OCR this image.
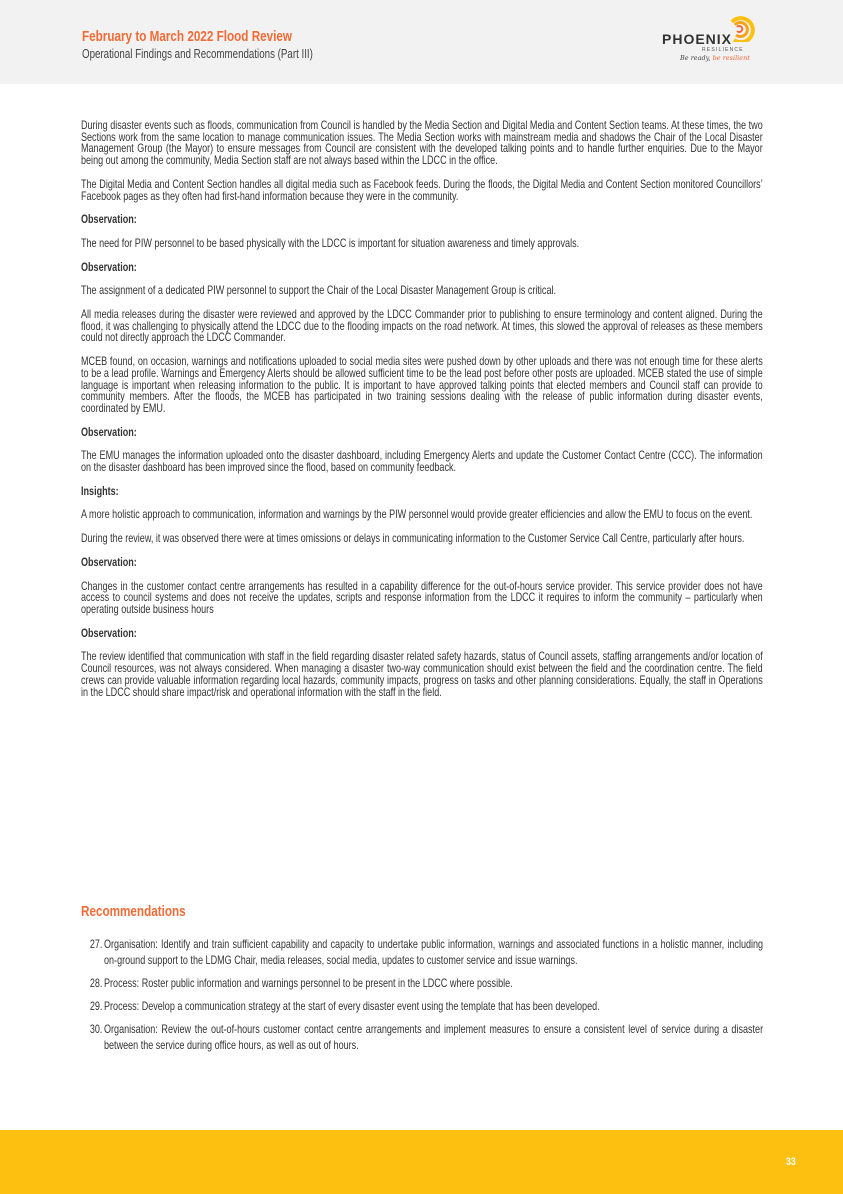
February to March 2022 Flood Review
Operational Findings and Recommendations (Part III)
PHOENIX
RESILIENCE
Be ready, be resilient

During disaster events such as floods, communication from Council is handled by the Media Section and Digital Media and Content Section teams. At these times, the two Sections work from the same location to manage communication issues. The Media Section works with mainstream media and shadows the Chair of the Local Disaster Management Group (the Mayor) to ensure messages from Council are consistent with the developed talking points and to handle further enquiries. Due to the Mayor being out among the community, Media Section staff are not always based within the LDCC in the office.

The Digital Media and Content Section handles all digital media such as Facebook feeds. During the floods, the Digital Media and Content Section monitored Councillors’ Facebook pages as they often had first-hand information because they were in the community.

Observation:

The need for PIW personnel to be based physically with the LDCC is important for situation awareness and timely approvals.

Observation:

The assignment of a dedicated PIW personnel to support the Chair of the Local Disaster Management Group is critical.

All media releases during the disaster were reviewed and approved by the LDCC Commander prior to publishing to ensure terminology and content aligned. During the flood, it was challenging to physically attend the LDCC due to the flooding impacts on the road network. At times, this slowed the approval of releases as these members could not directly approach the LDCC Commander.

MCEB found, on occasion, warnings and notifications uploaded to social media sites were pushed down by other uploads and there was not enough time for these alerts to be a lead profile. Warnings and Emergency Alerts should be allowed sufficient time to be the lead post before other posts are uploaded. MCEB stated the use of simple language is important when releasing information to the public. It is important to have approved talking points that elected members and Council staff can provide to community members. After the floods, the MCEB has participated in two training sessions dealing with the release of public information during disaster events, coordinated by EMU.

Observation:

The EMU manages the information uploaded onto the disaster dashboard, including Emergency Alerts and update the Customer Contact Centre (CCC). The information on the disaster dashboard has been improved since the flood, based on community feedback.

Insights:

A more holistic approach to communication, information and warnings by the PIW personnel would provide greater efficiencies and allow the EMU to focus on the event.

During the review, it was observed there were at times omissions or delays in communicating information to the Customer Service Call Centre, particularly after hours.

Observation:

Changes in the customer contact centre arrangements has resulted in a capability difference for the out-of-hours service provider. This service provider does not have access to council systems and does not receive the updates, scripts and response information from the LDCC it requires to inform the community – particularly when operating outside business hours

Observation:

The review identified that communication with staff in the field regarding disaster related safety hazards, status of Council assets, staffing arrangements and/or location of Council resources, was not always considered. When managing a disaster two-way communication should exist between the field and the coordination centre. The field crews can provide valuable information regarding local hazards, community impacts, progress on tasks and other planning considerations. Equally, the staff in Operations in the LDCC should share impact/risk and operational information with the staff in the field.

Recommendations
27. Organisation: Identify and train sufficient capability and capacity to undertake public information, warnings and associated functions in a holistic manner, including on-ground support to the LDMG Chair, media releases, social media, updates to customer service and issue warnings.
28. Process: Roster public information and warnings personnel to be present in the LDCC where possible.
29. Process: Develop a communication strategy at the start of every disaster event using the template that has been developed.
30. Organisation: Review the out-of-hours customer contact centre arrangements and implement measures to ensure a consistent level of service during a disaster between the service during office hours, as well as out of hours.
33
